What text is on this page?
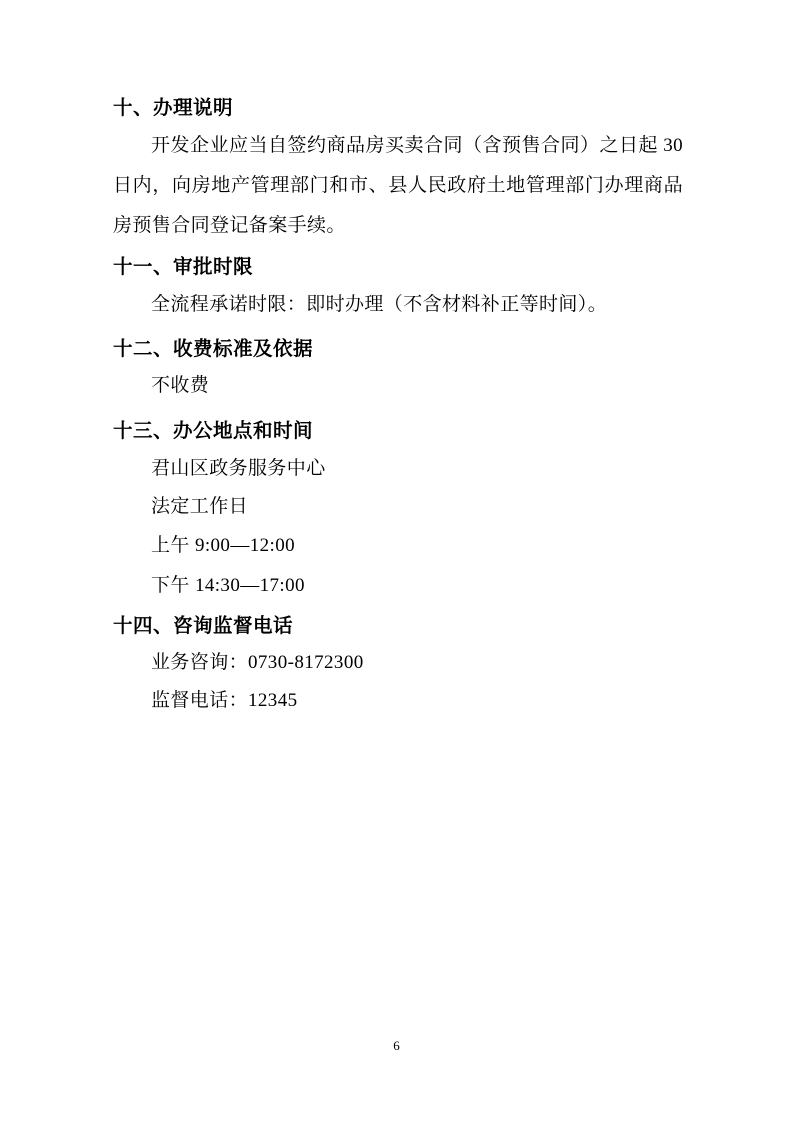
十、办理说明

开发企业应当自签约商品房买卖合同（含预售合同）之日起 30 日内，向房地产管理部门和市、县人民政府土地管理部门办理商品房预售合同登记备案手续。

十一、审批时限

全流程承诺时限：即时办理（不含材料补正等时间）。

十二、收费标准及依据

不收费

十三、办公地点和时间

君山区政务服务中心

法定工作日

上午 9:00—12:00

下午 14:30—17:00

十四、咨询监督电话

业务咨询：0730-8172300

监督电话：12345

6
